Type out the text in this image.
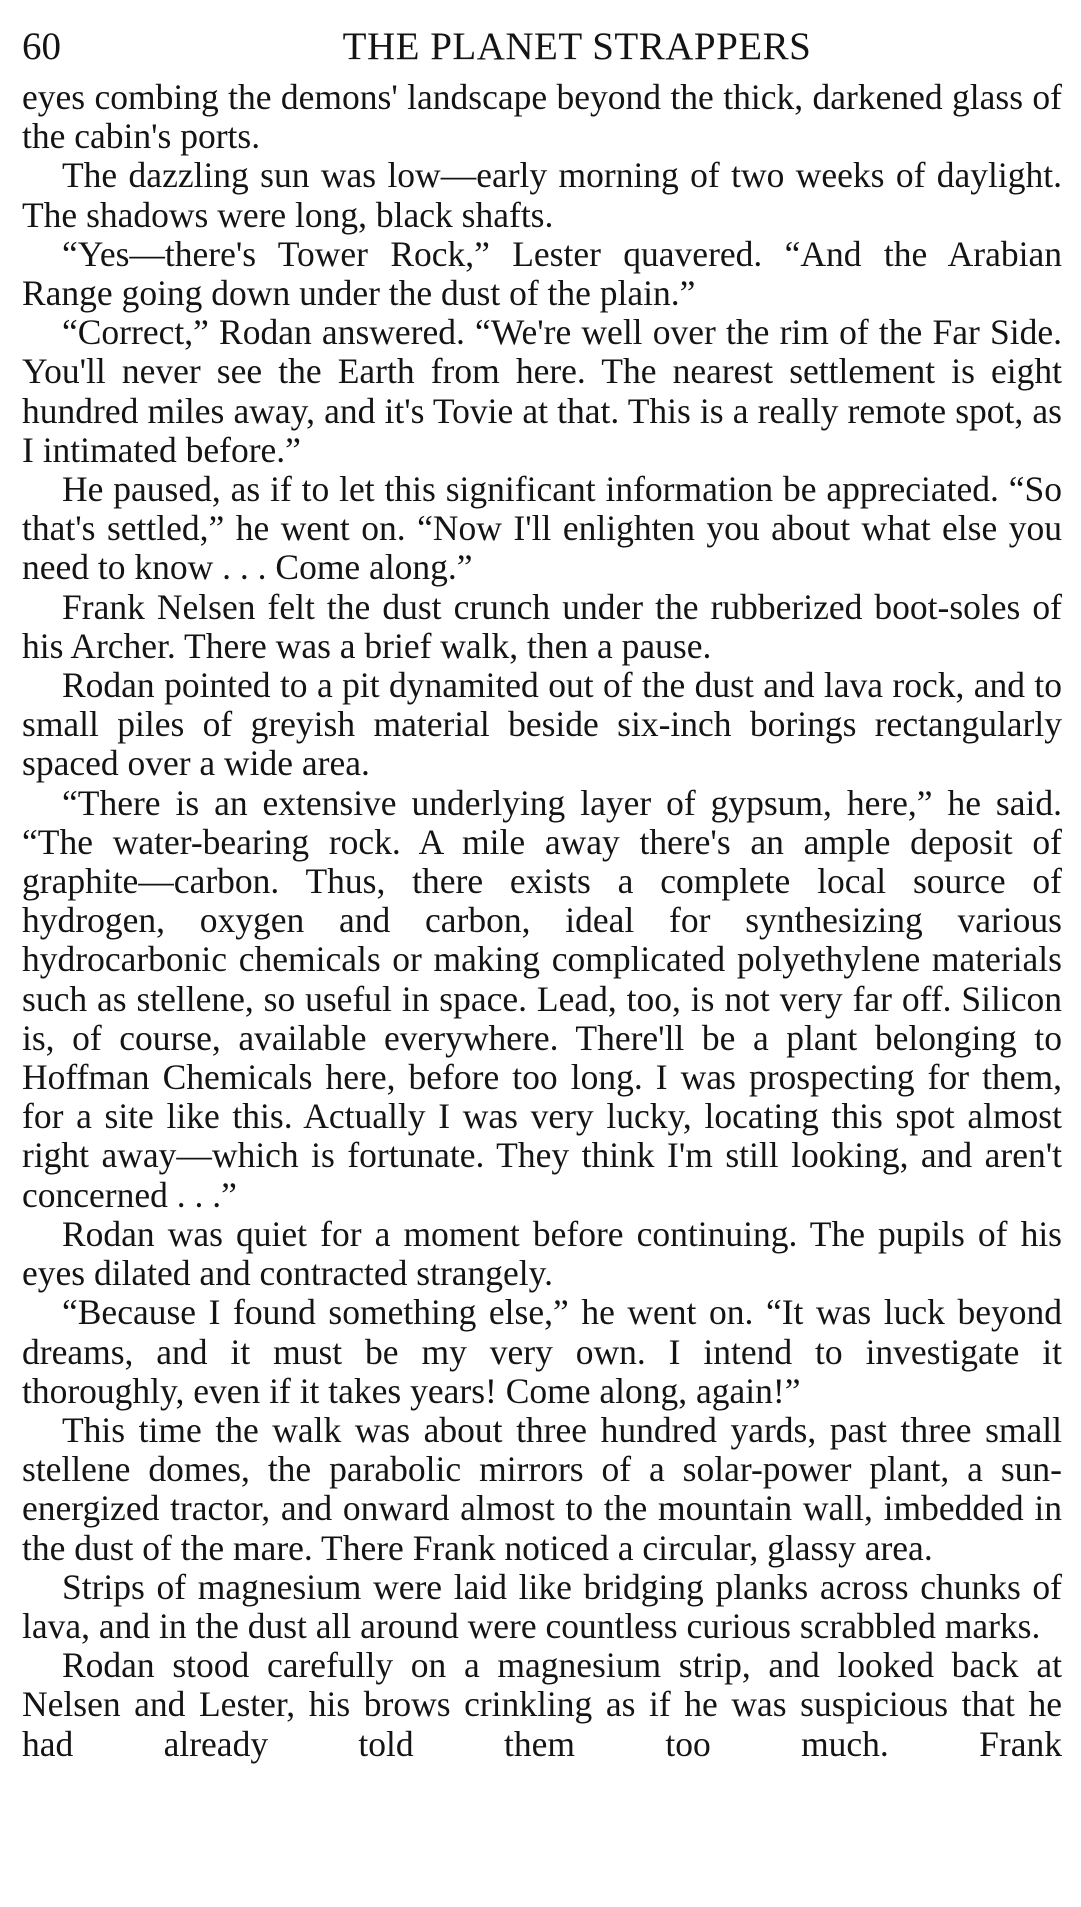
60	THE PLANET STRAPPERS

eyes combing the demons' landscape beyond the thick, darkened glass of the cabin's ports.

The dazzling sun was low—early morning of two weeks of daylight. The shadows were long, black shafts.

“Yes—there's Tower Rock,” Lester quavered. “And the Arabian Range going down under the dust of the plain.”

“Correct,” Rodan answered. “We're well over the rim of the Far Side. You'll never see the Earth from here. The nearest settlement is eight hundred miles away, and it's Tovie at that. This is a really remote spot, as I intimated before.”

He paused, as if to let this significant information be appreciated. “So that's settled,” he went on. “Now I'll enlighten you about what else you need to know . . . Come along.”

Frank Nelsen felt the dust crunch under the rubberized boot-soles of his Archer. There was a brief walk, then a pause.

Rodan pointed to a pit dynamited out of the dust and lava rock, and to small piles of greyish material beside six-inch borings rectangularly spaced over a wide area.

“There is an extensive underlying layer of gypsum, here,” he said. “The water-bearing rock. A mile away there's an ample deposit of graphite—carbon. Thus, there exists a complete local source of hydrogen, oxygen and carbon, ideal for synthesizing various hydrocarbonic chemicals or making complicated polyethylene materials such as stellene, so useful in space. Lead, too, is not very far off. Silicon is, of course, available everywhere. There'll be a plant belonging to Hoffman Chemicals here, before too long. I was prospecting for them, for a site like this. Actually I was very lucky, locating this spot almost right away—which is fortunate. They think I'm still looking, and aren't concerned . . .”

Rodan was quiet for a moment before continuing. The pupils of his eyes dilated and contracted strangely.

“Because I found something else,” he went on. “It was luck beyond dreams, and it must be my very own. I intend to investigate it thoroughly, even if it takes years! Come along, again!”

This time the walk was about three hundred yards, past three small stellene domes, the parabolic mirrors of a solar-power plant, a sun-energized tractor, and onward almost to the mountain wall, imbedded in the dust of the mare. There Frank noticed a circular, glassy area.

Strips of magnesium were laid like bridging planks across chunks of lava, and in the dust all around were countless curious scrabbled marks.

Rodan stood carefully on a magnesium strip, and looked back at Nelsen and Lester, his brows crinkling as if he was suspicious that he had already told them too much. Frank
